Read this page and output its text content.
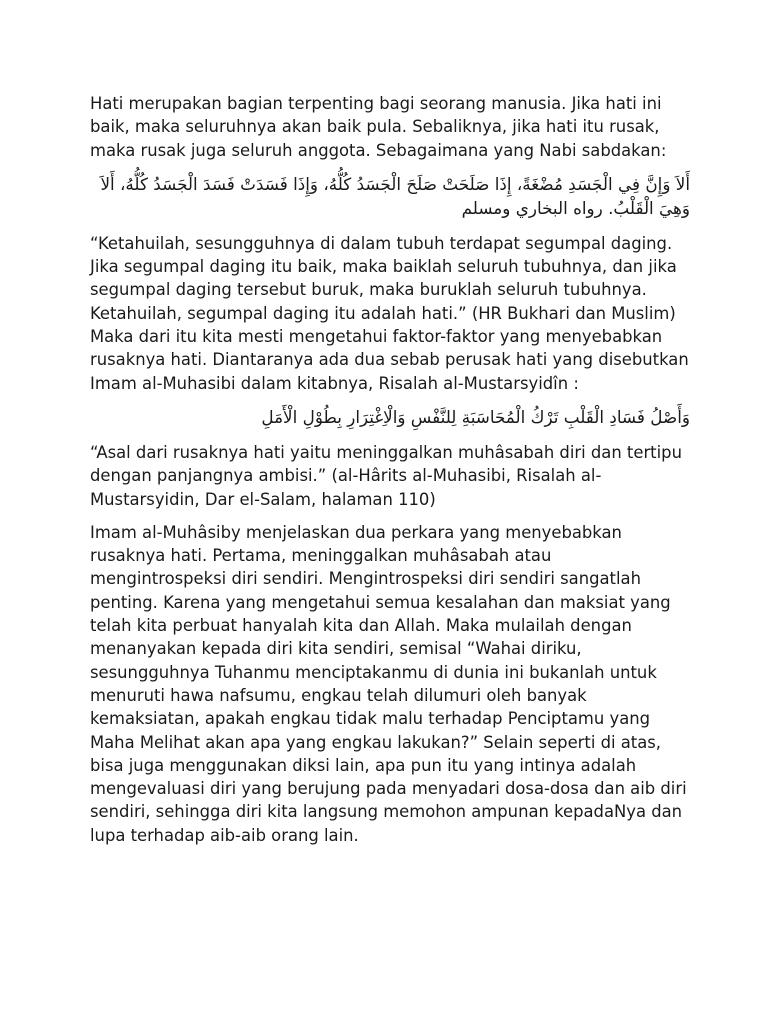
Hati merupakan bagian terpenting bagi seorang manusia. Jika hati ini baik, maka seluruhnya akan baik pula. Sebaliknya, jika hati itu rusak, maka rusak juga seluruh anggota. Sebagaimana yang Nabi sabdakan:

أَلاَ وَإِنَّ فِي الْجَسَدِ مُضْغَةً، إِذَا صَلَحَتْ صَلَحَ الْجَسَدُ كُلُّهُ، وَإِذَا فَسَدَتْ فَسَدَ الْجَسَدُ كُلُّهُ، أَلاَ وَهِيَ الْقَلْبُ. رواه البخاري ومسلم

“Ketahuilah, sesungguhnya di dalam tubuh terdapat segumpal daging. Jika segumpal daging itu baik, maka baiklah seluruh tubuhnya, dan jika segumpal daging tersebut buruk, maka buruklah seluruh tubuhnya. Ketahuilah, segumpal daging itu adalah hati.” (HR Bukhari dan Muslim) Maka dari itu kita mesti mengetahui faktor-faktor yang menyebabkan rusaknya hati. Diantaranya ada dua sebab perusak hati yang disebutkan Imam al-Muhasibi dalam kitabnya, Risalah al-Mustarsyidîn :

وَأَصْلُ فَسَادِ الْقَلْبِ تَرْكُ الْمُحَاسَبَةِ لِلنَّفْسِ وَالْاِغْتِرَارِ بِطُوْلِ الْأَمَلِ

“Asal dari rusaknya hati yaitu meninggalkan muhâsabah diri dan tertipu dengan panjangnya ambisi.” (al-Hârits al-Muhasibi, Risalah al-Mustarsyidin, Dar el-Salam, halaman 110)

Imam al-Muhâsiby menjelaskan dua perkara yang menyebabkan rusaknya hati. Pertama, meninggalkan muhâsabah atau mengintrospeksi diri sendiri. Mengintrospeksi diri sendiri sangatlah penting. Karena yang mengetahui semua kesalahan dan maksiat yang telah kita perbuat hanyalah kita dan Allah. Maka mulailah dengan menanyakan kepada diri kita sendiri, semisal “Wahai diriku, sesungguhnya Tuhanmu menciptakanmu di dunia ini bukanlah untuk menuruti hawa nafsumu, engkau telah dilumuri oleh banyak kemaksiatan, apakah engkau tidak malu terhadap Penciptamu yang Maha Melihat akan apa yang engkau lakukan?” Selain seperti di atas, bisa juga menggunakan diksi lain, apa pun itu yang intinya adalah mengevaluasi diri yang berujung pada menyadari dosa-dosa dan aib diri sendiri, sehingga diri kita langsung memohon ampunan kepadaNya dan lupa terhadap aib-aib orang lain.
